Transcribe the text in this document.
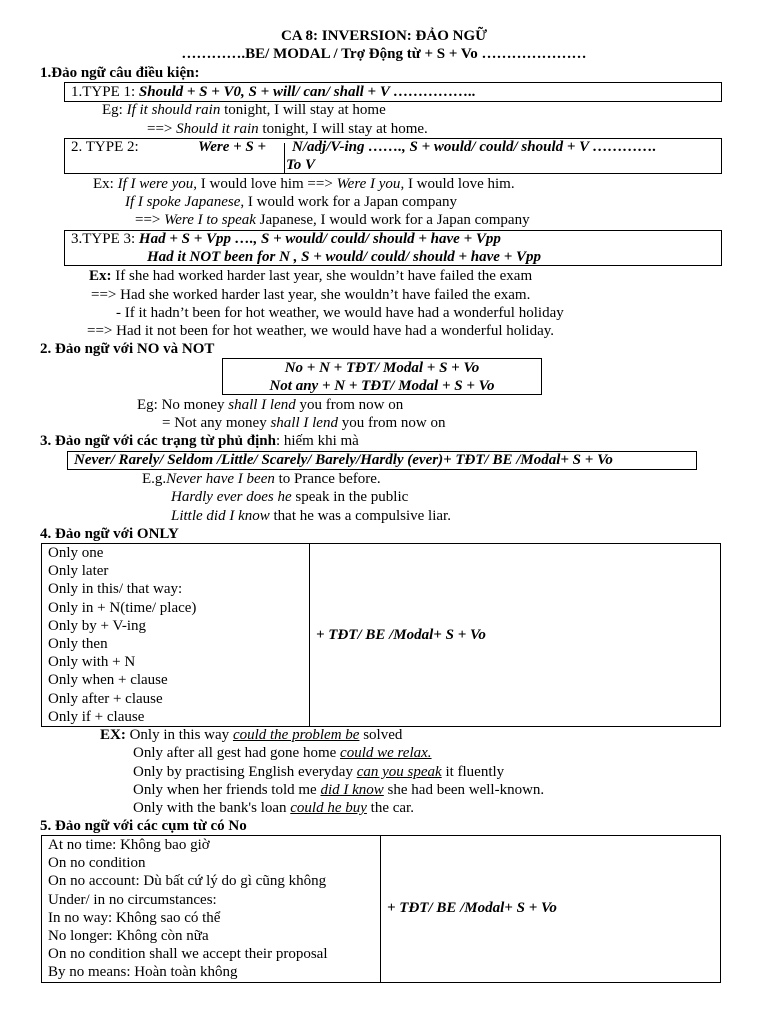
CA 8: INVERSION: ĐẢO NGỮ
………….BE/ MODAL / Trợ Động từ + S + Vo …………………
1.Đảo ngữ câu điều kiện:
1.TYPE 1: Should + S + V0, S + will/ can/ shall + V ……………..
Eg: If it should rain tonight, I will stay at home
==> Should it rain tonight, I will stay at home.
2. TYPE 2:	Were + S + N/adj/V-ing ……., S + would/ could/ should + V ………….
To V
Ex: If I were you, I would love him ==> Were I you, I would love him.
If I spoke Japanese, I would work for a Japan company
==> Were I to speak Japanese, I would work for a Japan company
3.TYPE 3: Had + S + Vpp …., S + would/ could/ should + have + Vpp
Had it NOT been for N , S + would/ could/ should + have + Vpp
Ex: If she had worked harder last year, she wouldn’t have failed the exam
==> Had she worked harder last year, she wouldn’t have failed the exam.
- If it hadn’t been for hot weather, we would have had a wonderful holiday
==> Had it not been for hot weather, we would have had a wonderful holiday.
2. Đảo ngữ với NO và NOT
No + N + TĐT/ Modal + S + Vo
Not any + N + TĐT/ Modal + S + Vo
Eg: No money shall I lend you from now on
= Not any money shall I lend you from now on
3. Đảo ngữ với các trạng từ phủ định: hiếm khi mà
Never/ Rarely/ Seldom /Little/ Scarely/ Barely/Hardly (ever)+ TĐT/ BE /Modal+ S + Vo
E.g.Never have I been to Prance before.
Hardly ever does he speak in the public
Little did I know that he was a compulsive liar.
4. Đảo ngữ với ONLY
Only one
Only later
Only in this/ that way:
Only in + N(time/ place)
Only by + V-ing
Only then
Only with + N
Only when + clause
Only after + clause
Only if + clause
	+ TĐT/ BE /Modal+ S + Vo
EX: Only in this way could the problem be solved
Only after all gest had gone home could we relax.
Only by practising English everyday can you speak it fluently
Only when her friends told me did I know she had been well-known.
Only with the bank's loan could he buy the car.
5. Đảo ngữ với các cụm từ có No
At no time: Không bao giờ
On no condition
On no account: Dù bất cứ lý do gì cũng không
Under/ in no circumstances:
In no way: Không sao có thể
No longer: Không còn nữa
On no condition shall we accept their proposal
By no means: Hoàn toàn không
	+ TĐT/ BE /Modal+ S + Vo
